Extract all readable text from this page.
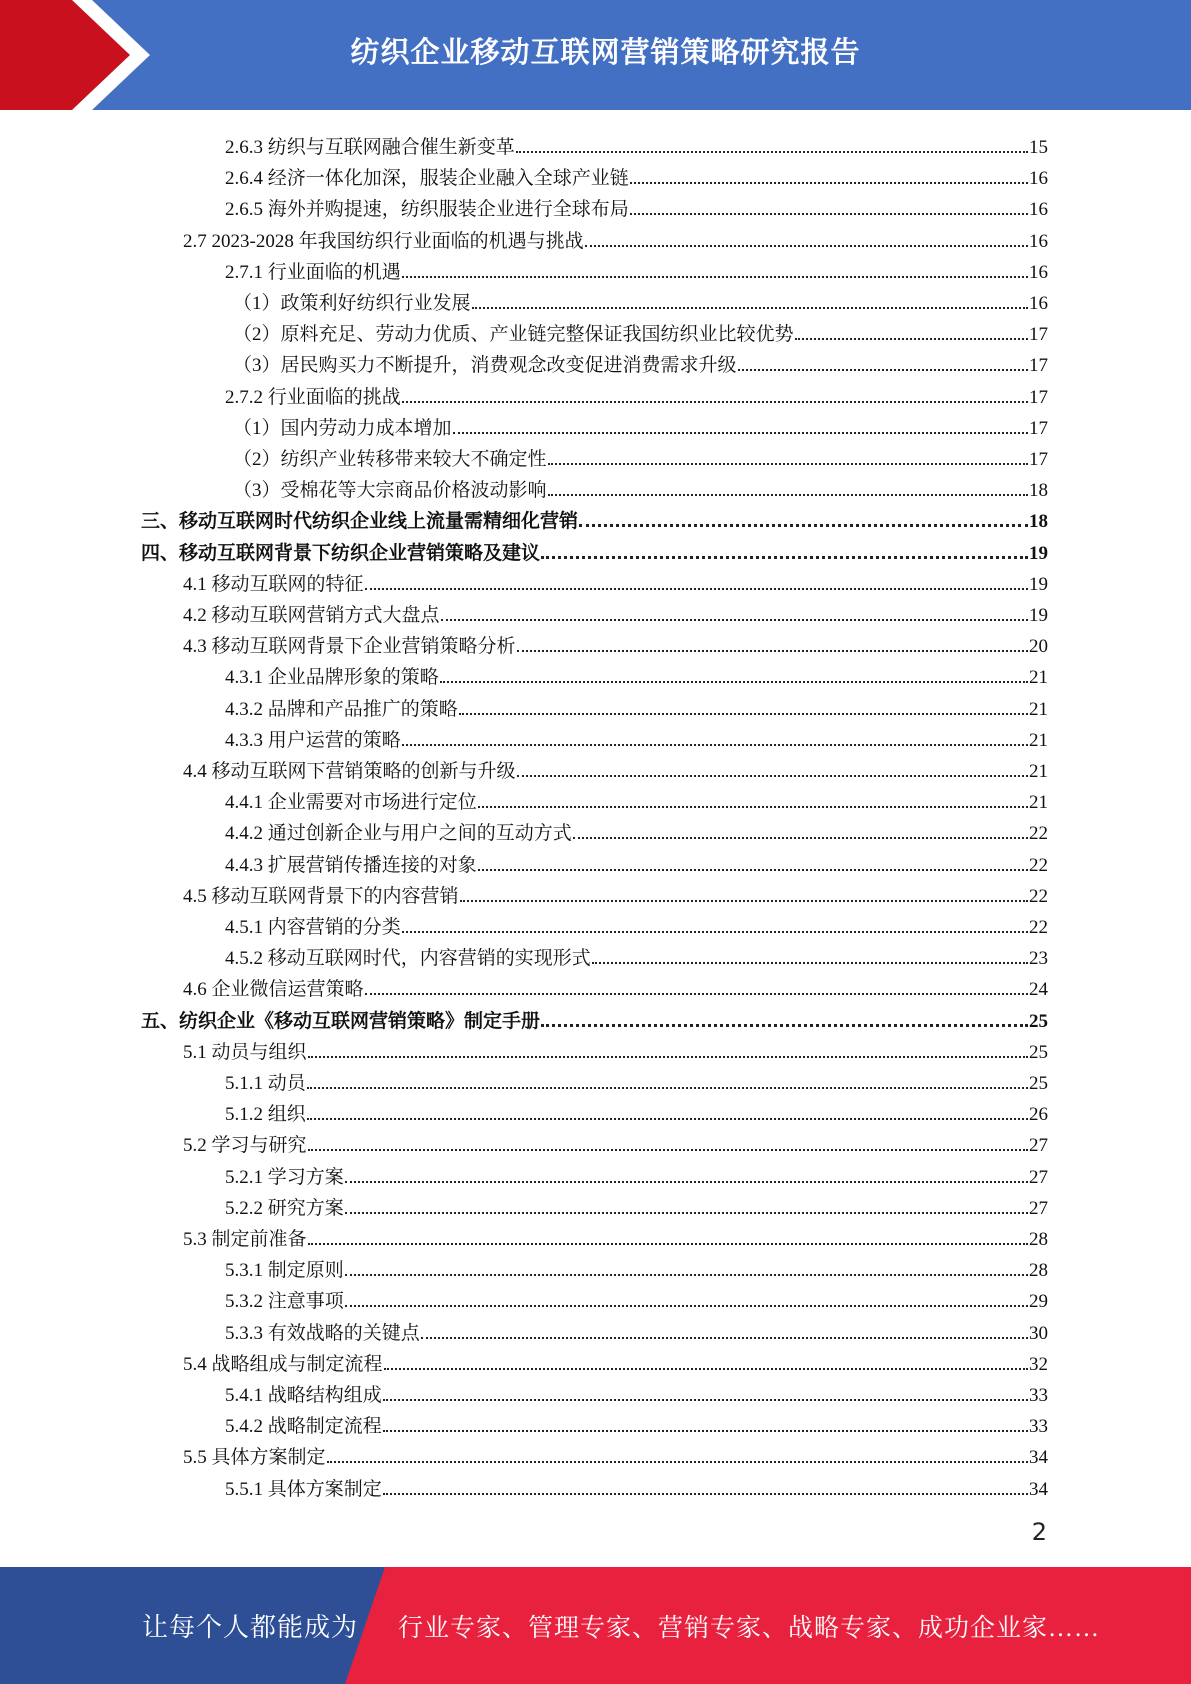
纺织企业移动互联网营销策略研究报告
2.6.3 纺织与互联网融合催生新变革	15
2.6.4 经济一体化加深，服装企业融入全球产业链	16
2.6.5 海外并购提速，纺织服装企业进行全球布局	16
2.7 2023-2028 年我国纺织行业面临的机遇与挑战	16
2.7.1 行业面临的机遇	16
（1）政策利好纺织行业发展	16
（2）原料充足、劳动力优质、产业链完整保证我国纺织业比较优势	17
（3）居民购买力不断提升，消费观念改变促进消费需求升级	17
2.7.2 行业面临的挑战	17
（1）国内劳动力成本增加	17
（2）纺织产业转移带来较大不确定性	17
（3）受棉花等大宗商品价格波动影响	18
三、移动互联网时代纺织企业线上流量需精细化营销	18
四、移动互联网背景下纺织企业营销策略及建议	19
4.1 移动互联网的特征	19
4.2 移动互联网营销方式大盘点	19
4.3 移动互联网背景下企业营销策略分析	20
4.3.1 企业品牌形象的策略	21
4.3.2 品牌和产品推广的策略	21
4.3.3 用户运营的策略	21
4.4 移动互联网下营销策略的创新与升级	21
4.4.1 企业需要对市场进行定位	21
4.4.2 通过创新企业与用户之间的互动方式	22
4.4.3 扩展营销传播连接的对象	22
4.5 移动互联网背景下的内容营销	22
4.5.1 内容营销的分类	22
4.5.2 移动互联网时代，内容营销的实现形式	23
4.6 企业微信运营策略	24
五、纺织企业《移动互联网营销策略》制定手册	25
5.1 动员与组织	25
5.1.1 动员	25
5.1.2 组织	26
5.2 学习与研究	27
5.2.1 学习方案	27
5.2.2 研究方案	27
5.3 制定前准备	28
5.3.1 制定原则	28
5.3.2 注意事项	29
5.3.3 有效战略的关键点	30
5.4 战略组成与制定流程	32
5.4.1 战略结构组成	33
5.4.2 战略制定流程	33
5.5 具体方案制定	34
5.5.1 具体方案制定	34
2
让每个人都能成为 行业专家、管理专家、营销专家、战略专家、成功企业家……
